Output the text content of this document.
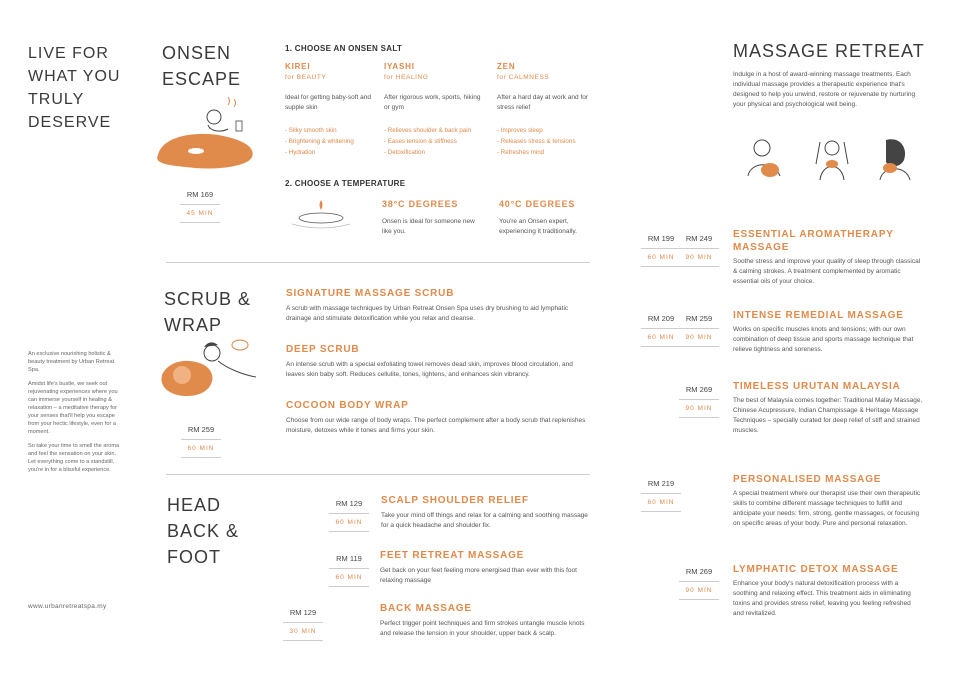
LIVE FOR WHAT YOU TRULY DESERVE

An exclusive nourishing holistic & beauty treatment by Urban Retreat Spa.

Amidst life's bustle, we seek out rejuvenating experiences where you can immerse yourself in healing & relaxation – a meditative therapy for your senses that'll help you escape from your hectic lifestyle, even for a moment.

So take your time to smell the aroma and feel the sensation on your skin. Let everything come to a standstill, you're in for a blissful experience.

www.urbanretreatspa.my
ONSEN ESCAPE
RM 169
45 MIN
1. CHOOSE AN ONSEN SALT
KIREI
for BEAUTY
Ideal for getting baby-soft and supple skin
- Silky smooth skin
- Brightening & whitening
- Hydration
IYASHI
for HEALING
After rigorous work, sports, hiking or gym
- Relieves shoulder & back pain
- Eases tension & stiffness
- Detoxification
ZEN
for CALMNESS
After a hard day at work and for stress relief
- Improves sleep
- Releases stress & tensions
- Refreshes mind
2. CHOOSE A TEMPERATURE
38°C DEGREES
Onsen is ideal for someone new like you.
40°C DEGREES
You're an Onsen expert, experiencing it traditionally.
SCRUB & WRAP
RM 259
60 MIN
SIGNATURE MASSAGE SCRUB
A scrub with massage techniques by Urban Retreat Onsen Spa uses dry brushing to aid lymphatic drainage and stimulate detoxification while you relax and cleanse.
DEEP SCRUB
An intense scrub with a special exfoliating towel removes dead skin, improves blood circulation, and leaves skin baby soft. Reduces cellulite, tones, lightens, and enhances skin vibrancy.
COCOON BODY WRAP
Choose from our wide range of body wraps. The perfect complement after a body scrub that replenishes moisture, detoxes while it tones and firms your skin.
HEAD BACK & FOOT
RM 129
60 MIN
SCALP SHOULDER RELIEF
Take your mind off things and relax for a calming and soothing massage for a quick headache and shoulder fix.
RM 119
60 MIN
FEET RETREAT MASSAGE
Get back on your feet feeling more energised than ever with this foot relaxing massage
RM 129
30 MIN
BACK MASSAGE
Perfect trigger point techniques and firm strokes untangle muscle knots and release the tension in your shoulder, upper back & scalp.
MASSAGE RETREAT
Indulge in a host of award-winning massage treatments. Each individual massage provides a therapeutic experience that's designed to help you unwind, restore or rejuvenate by nurturing your physical and psychological well being.
RM 199
60 MIN
RM 249
90 MIN
ESSENTIAL AROMATHERAPY MASSAGE
Soothe stress and improve your quality of sleep through classical & calming strokes. A treatment complemented by aromatic essential oils of your choice.
RM 209
60 MIN
RM 259
90 MIN
INTENSE REMEDIAL MASSAGE
Works on specific muscles knots and tensions; with our own combination of deep tissue and sports massage technique that relieve tightness and soreness.
RM 269
90 MIN
TIMELESS URUTAN MALAYSIA
The best of Malaysia comes together: Traditional Malay Massage, Chinese Acupressure, Indian Champissage & Heritage Massage Techniques – specially curated for deep relief of stiff and strained muscles.
RM 219
60 MIN
PERSONALISED MASSAGE
A special treatment where our therapist use their own therapeutic skills to combine different massage techniques to fulfill and anticipate your needs: firm, strong, gentle massages, or focusing on specific areas of your body. Pure and personal relaxation.
RM 269
90 MIN
LYMPHATIC DETOX MASSAGE
Enhance your body's natural detoxification process with a soothing and relaxing effect. This treatment aids in eliminating toxins and provides stress relief, leaving you feeling refreshed and revitalized.
